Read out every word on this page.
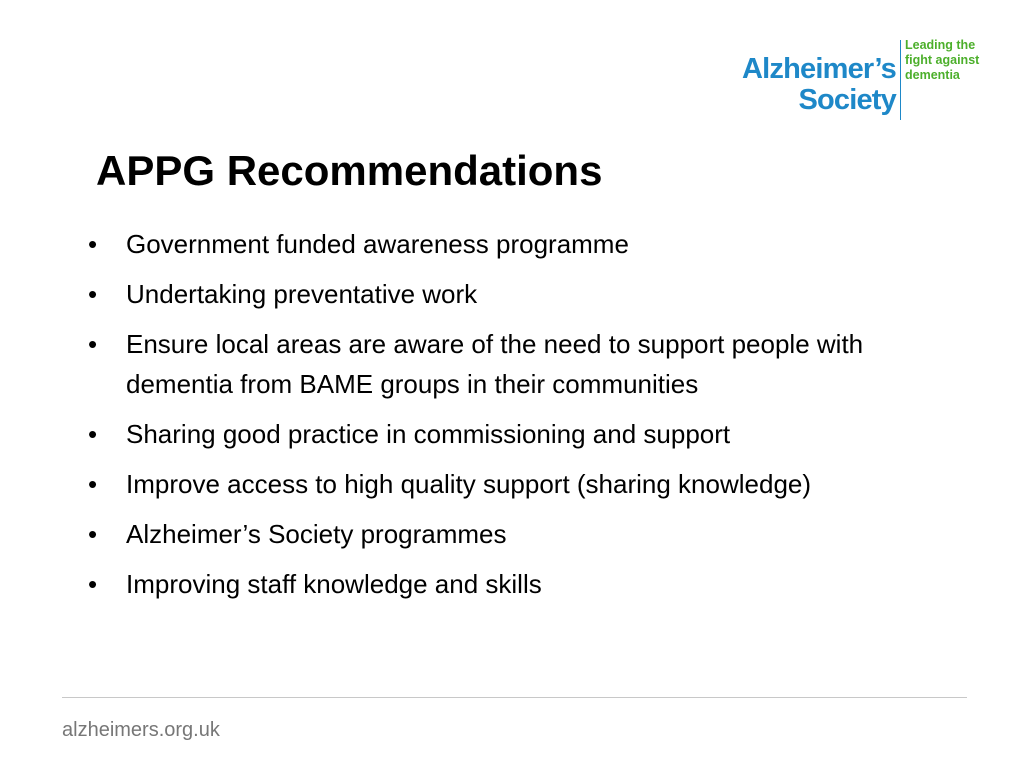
Alzheimer’s
Society
Leading the
fight against
dementia
APPG Recommendations
• Government funded awareness programme
• Undertaking preventative work
• Ensure local areas are aware of the need to support people with dementia from BAME groups in their communities
• Sharing good practice in commissioning and support
• Improve access to high quality support (sharing knowledge)
• Alzheimer’s Society programmes
• Improving staff knowledge and skills
alzheimers.org.uk
